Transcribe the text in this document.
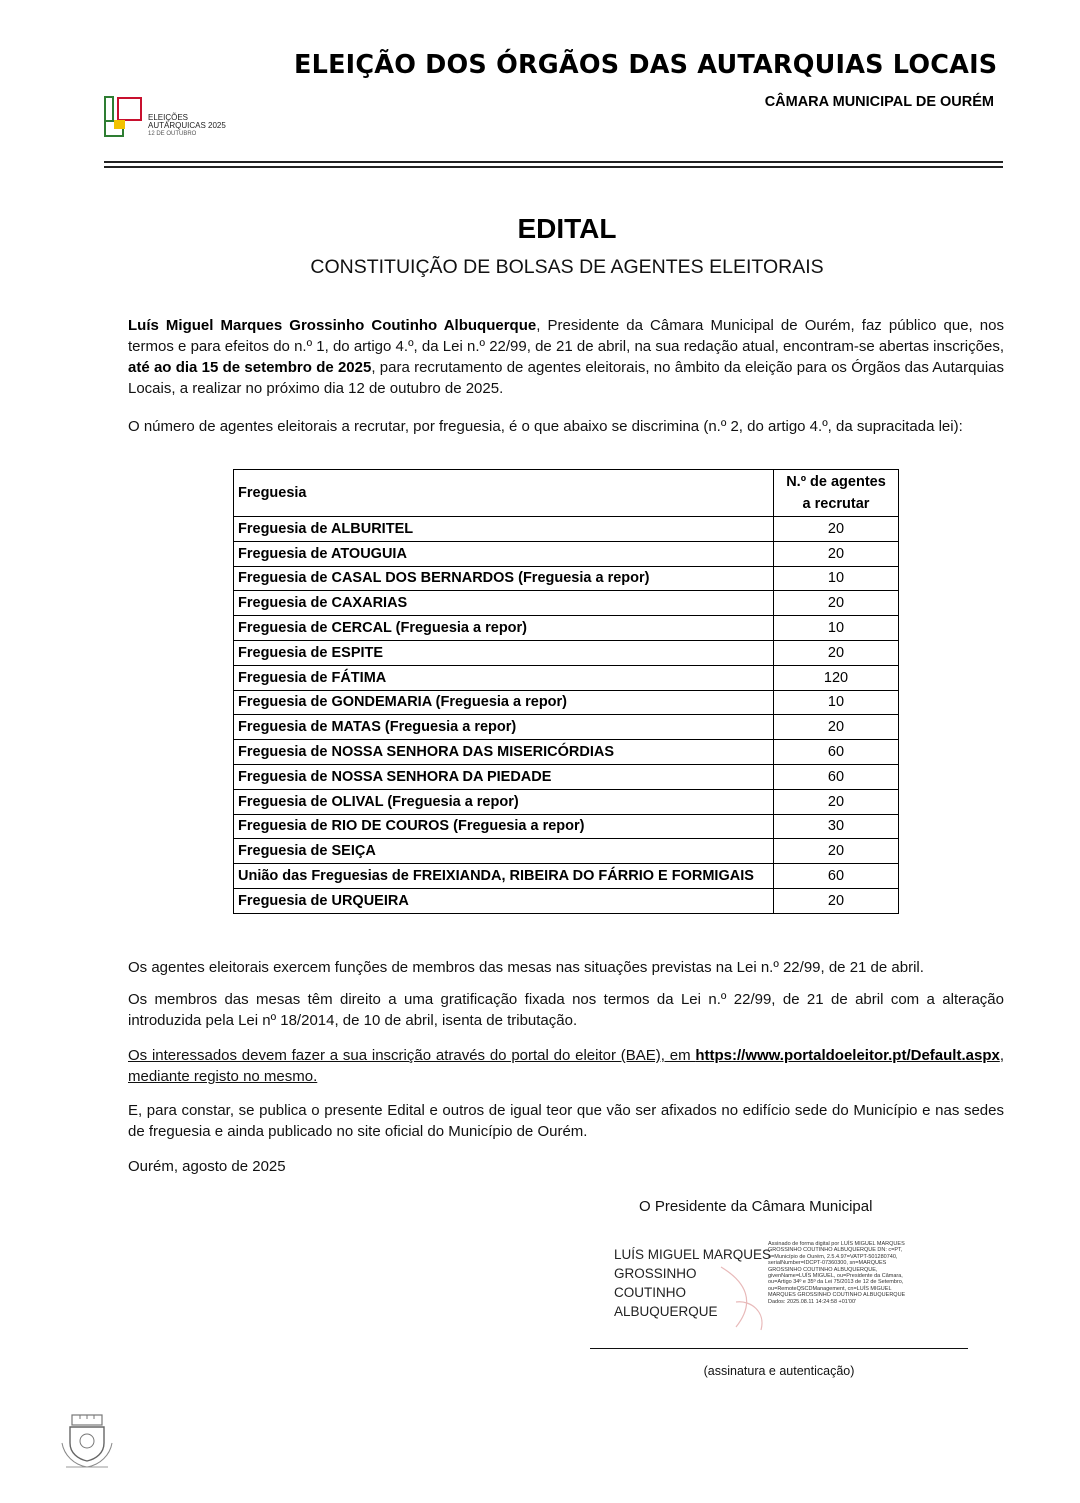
ELEIÇÃO DOS ÓRGÃOS DAS AUTARQUIAS LOCAIS
CÂMARA MUNICIPAL DE OURÉM
ELEIÇÕES
AUTÁRQUICAS 2025
12 DE OUTUBRO
EDITAL
CONSTITUIÇÃO DE BOLSAS DE AGENTES ELEITORAIS
Luís Miguel Marques Grossinho Coutinho Albuquerque, Presidente da Câmara Municipal de Ourém, faz público que, nos termos e para efeitos do n.º 1, do artigo 4.º, da Lei n.º 22/99, de 21 de abril, na sua redação atual, encontram-se abertas inscrições, até ao dia 15 de setembro de 2025, para recrutamento de agentes eleitorais, no âmbito da eleição para os Órgãos das Autarquias Locais, a realizar no próximo dia 12 de outubro de 2025.
O número de agentes eleitorais a recrutar, por freguesia, é o que abaixo se discrimina (n.º 2, do artigo 4.º, da supracitada lei):
Freguesia	N.º de agentes
a recrutar

Freguesia de ALBURITEL	20
Freguesia de ATOUGUIA	20
Freguesia de CASAL DOS BERNARDOS (Freguesia a repor)	10
Freguesia de CAXARIAS	20
Freguesia de CERCAL (Freguesia a repor)	10
Freguesia de ESPITE	20
Freguesia de FÁTIMA	120
Freguesia de GONDEMARIA (Freguesia a repor)	10
Freguesia de MATAS (Freguesia a repor)	20
Freguesia de NOSSA SENHORA DAS MISERICÓRDIAS	60
Freguesia de NOSSA SENHORA DA PIEDADE	60
Freguesia de OLIVAL (Freguesia a repor)	20
Freguesia de RIO DE COUROS (Freguesia a repor)	30
Freguesia de SEIÇA	20
União das Freguesias de FREIXIANDA, RIBEIRA DO FÁRRIO E FORMIGAIS	60
Freguesia de URQUEIRA	20
Os agentes eleitorais exercem funções de membros das mesas nas situações previstas na Lei n.º 22/99, de 21 de abril.
Os membros das mesas têm direito a uma gratificação fixada nos termos da Lei n.º 22/99, de 21 de abril com a alteração introduzida pela Lei nº 18/2014, de 10 de abril, isenta de tributação.
Os interessados devem fazer a sua inscrição através do portal do eleitor (BAE), em https://www.portaldoeleitor.pt/Default.aspx, mediante registo no mesmo.
E, para constar, se publica o presente Edital e outros de igual teor que vão ser afixados no edifício sede do Município e nas sedes de freguesia e ainda publicado no site oficial do Município de Ourém.
Ourém, agosto de 2025
O Presidente da Câmara Municipal
LUÍS MIGUEL MARQUES
GROSSINHO
COUTINHO
ALBUQUERQUE
Assinado de forma digital por LUÍS MIGUEL MARQUES GROSSINHO COUTINHO ALBUQUERQUE DN: c=PT, o=Município de Ourém, 2.5.4.97=VATPT-501280740, serialNumber=IDCPT-07360300, sn=MARQUES GROSSINHO COUTINHO ALBUQUERQUE, givenName=LUÍS MIGUEL, ou=Presidente da Câmara, ou=Artigo 34º e 35º da Lei 75/2013 de 12 de Setembro, ou=RemoteQSCDManagement, cn=LUÍS MIGUEL MARQUES GROSSINHO COUTINHO ALBUQUERQUE Dados: 2025.08.11 14:24:58 +01'00'
(assinatura e autenticação)
